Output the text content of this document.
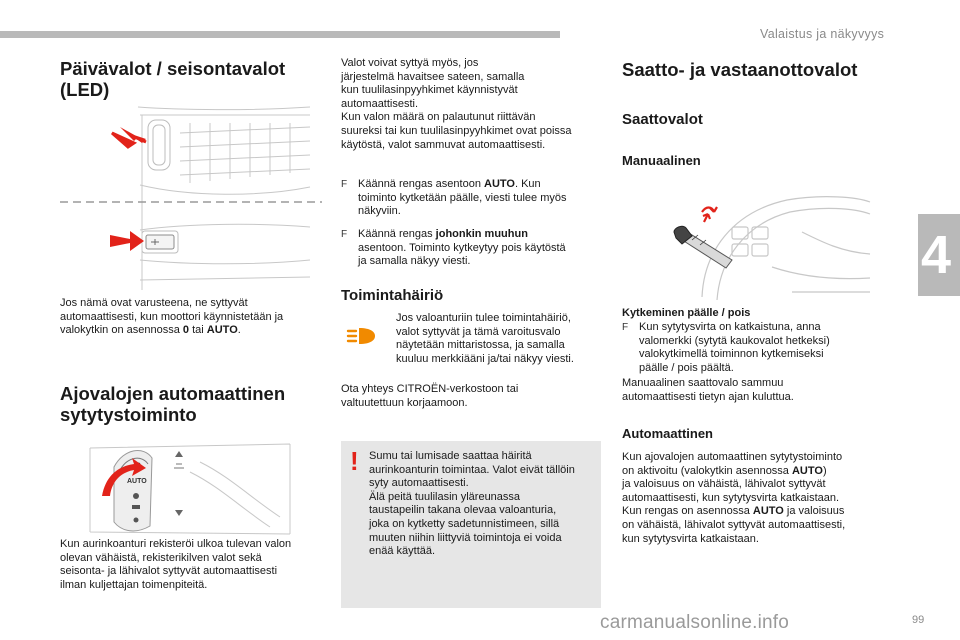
Valaistus ja näkyvyys
4
Päivävalot / seisontavalot
(LED)
Jos nämä ovat varusteena, ne syttyvät
automaattisesti, kun moottori käynnistetään ja
valokytkin on asennossa 0 tai AUTO.
Ajovalojen automaattinen
sytytystoiminto
AUTO
Kun aurinkoanturi rekisteröi ulkoa tulevan valon
olevan vähäistä, rekisterikilven valot sekä
seisonta- ja lähivalot syttyvät automaattisesti
ilman kuljettajan toimenpiteitä.
Valot voivat syttyä myös, jos
järjestelmä havaitsee sateen, samalla
kun tuulilasinpyyhkimet käynnistyvät
automaattisesti.
Kun valon määrä on palautunut riittävän
suureksi tai kun tuulilasinpyyhkimet ovat poissa
käytöstä, valot sammuvat automaattisesti.
F Käännä rengas asentoon AUTO. Kun
toiminto kytketään päälle, viesti tulee myös
näkyviin.
F Käännä rengas johonkin muuhun
asentoon. Toiminto kytkeytyy pois käytöstä
ja samalla näkyy viesti.
Toimintahäiriö
Jos valoanturiin tulee toimintahäiriö,
valot syttyvät ja tämä varoitusvalo
näytetään mittaristossa, ja samalla
kuuluu merkkiääni ja/tai näkyy viesti.
Ota yhteys CITROËN-verkostoon tai
valtuutettuun korjaamoon.
! Sumu tai lumisade saattaa häiritä
aurinkoanturin toimintaa. Valot eivät tällöin
syty automaattisesti.
Älä peitä tuulilasin yläreunassa
taustapeilin takana olevaa valoanturia,
joka on kytketty sadetunnistimeen, sillä
muuten niihin liittyviä toimintoja ei voida
enää käyttää.
Saatto- ja vastaanottovalot
Saattovalot
Manuaalinen
Kytkeminen päälle / pois
F Kun sytytysvirta on katkaistuna, anna
valomerkki (sytytä kaukovalot hetkeksi)
valokytkimellä toiminnon kytkemiseksi
päälle / pois päältä.
Manuaalinen saattovalo sammuu
automaattisesti tietyn ajan kuluttua.
Automaattinen
Kun ajovalojen automaattinen sytytystoiminto
on aktivoitu (valokytkin asennossa AUTO)
ja valoisuus on vähäistä, lähivalot syttyvät
automaattisesti, kun sytytysvirta katkaistaan.
Kun rengas on asennossa AUTO ja valoisuus
on vähäistä, lähivalot syttyvät automaattisesti,
kun sytytysvirta katkaistaan.
carmanualsonline.info	99
